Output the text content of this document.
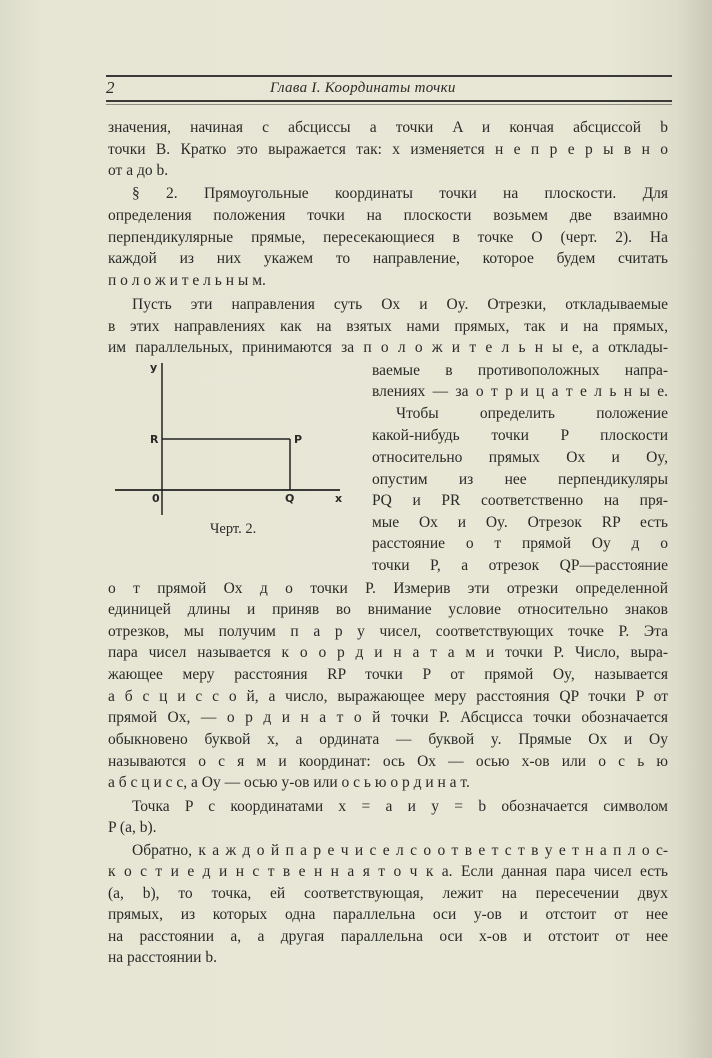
2	Глава I. Координаты точки
значения, начиная с абсциссы a точки A и кончая абсциссой b
точки B. Кратко это выражается так: x изменяется н е п р е р ы в н о
от a до b.
§ 2. Прямоугольные координаты точки на плоскости. Для
определения положения точки на плоскости возьмем две взаимно
перпендикулярные прямые, пересекающиеся в точке O (черт. 2). На
каждой из них укажем то направление, которое будем считать
п о л о ж и т е л ь н ы м.
Пусть эти направления суть Ox и Oy. Отрезки, откладываемые
в этих направлениях как на взятых нами прямых, так и на прямых,
им параллельных, принимаются за п о л о ж и т е л ь н ы е, а отклады-
ваемые в противоположных напра-
влениях — за о т р и ц а т е л ь н ы е.
Чтобы определить положение
какой-нибудь точки P плоскости
относительно прямых Ox и Oy,
опустим из нее перпендикуляры
PQ и PR соответственно на пря-
мые Ox и Oy. Отрезок RP есть
расстояние о т прямой Oy д о
точки P, а отрезок QP—расстояние
о т прямой Ox д о точки P. Измерив эти отрезки определенной
единицей длины и приняв во внимание условие относительно знаков
отрезков, мы получим п а р у чисел, соответствующих точке P. Эта
пара чисел называется к о о р д и н а т а м и точки P. Число, выра-
жающее меру расстояния RP точки P от прямой Oy, называется
а б с ц и с с о й, а число, выражающее меру расстояния QP точки P от
прямой Ox, — о р д и н а т о й точки P. Абсцисса точки обозначается
обыкновено буквой x, а ордината — буквой y. Прямые Ox и Oy
называются о с я м и координат: ось Ox — осью x-ов или о с ь ю
а б с ц и с с, а Oy — осью y-ов или о с ь ю о р д и н а т.
Точка P с координатами x = a и y = b обозначается символом
P (a, b).
Обратно, к а ж д о й п а р е ч и с е л с о о т в е т с т в у е т н а п л о с-
к о с т и е д и н с т в е н н а я т о ч к а. Если данная пара чисел есть
(a, b), то точка, ей соответствующая, лежит на пересечении двух
прямых, из которых одна параллельна оси y-ов и отстоит от нее
на расстоянии a, а другая параллельна оси x-ов и отстоит от нее
на расстоянии b.
y
R	P
0	Q	x
Черт. 2.
